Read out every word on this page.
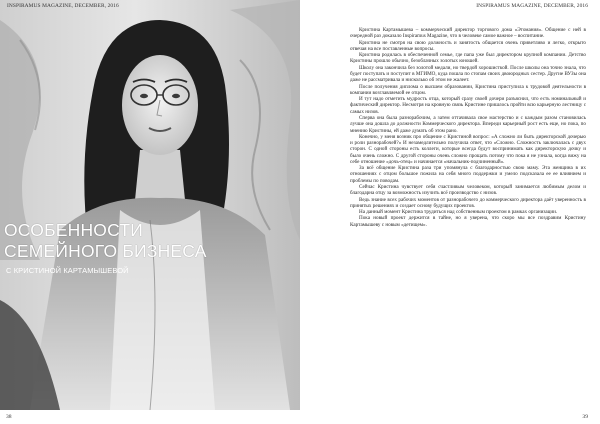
INSPIRAMUS MAGAZINE, DECEMBER, 2016
ОСОБЕННОСТИ
СЕМЕЙНОГО БИЗНЕСА
С КРИСТИНОЙ КАРТАМЫШЕВОЙ
38
INSPIRAMUS MAGAZINE, DECEMBER, 2016

Кристина Картамышева – коммерческий директор торгового дома «Этомания». Общение с ней в очередной раз доказало Inspiramus Magazine, что в человеке самое важное – воспитание.

Кристина не смотря на свою должность и занятость общается очень приветливо и легко, открыто отвечая на все поставленные вопросы.

Кристина родилась в обеспеченной семье, где папа уже был директором крупной компании. Детство Кристины прошло обычно, безоблачных золотых юношей.

Школу она закончила без золотой медали, но твердой хорошисткой. После школы она точно знала, что будет поступать и поступит в МГИМО, куда пошла по стопам своих двоюродных сестер. Другие ВУЗы она даже не рассматривала и нисколько об этом не жалеет.

После получения диплома о высшем образовании, Кристина приступила к трудовой деятельности в компании возглавляемой ее отцом.

И тут надо отметить мудрость отца, который сразу своей дочери разъяснил, что есть номинальный и фактический директор. Несмотря на кровную связь Кристине пришлось пройти всю карьерную лестницу с самых низов.

Сперва она была разнорабочим, а затем оттачивала свое мастерство и с каждым разом становилась лучше она дошла до должности Коммерческого директора. Впереди карьерный рост есть еще, но пока, по мнению Кристины, ей даже думать об этом рано.

Конечно, у меня возник про общение с Кристиной вопрос: «А сложно ли быть директорской дочерью и роли разнорабочей?» И незамедлительно получила ответ, что «Сложно. Сложность заключалась с двух сторон. С одной стороны есть коллеги, которые всегда будут воспринимать как директорскую дочку и было очень сложно. С другой стороны очень сложно прощать потому что пока я не узнала, когда вижу на себе отношение «дочь-отец» и начинается «начальник-подчиненный».

За всё общение Кристина раза три упомянула с благодарностью свою маму. Эта женщина в их отношениях с отцом большое пожила на себя много поддержки и умело подсказала ее ее влиянием и проблемы по поводам.

Сейчас Кристина чувствует себя счастливым человеком, который занимается любимым делом и благодарна отцу за возможность изучить всё производство с низов.

Ведь знание всех рабочих моментов от разнорабочего до коммерческого директора даёт уверенность в принятых решениях и создает основу будущих проектов.

На данный момент Кристина трудиться над собственным проектом в рамках организации.

Пока новый проект держится в тайне, но я уверена, что скоро мы все поздравим Кристину Картамышеву с новым «детищем».

39
